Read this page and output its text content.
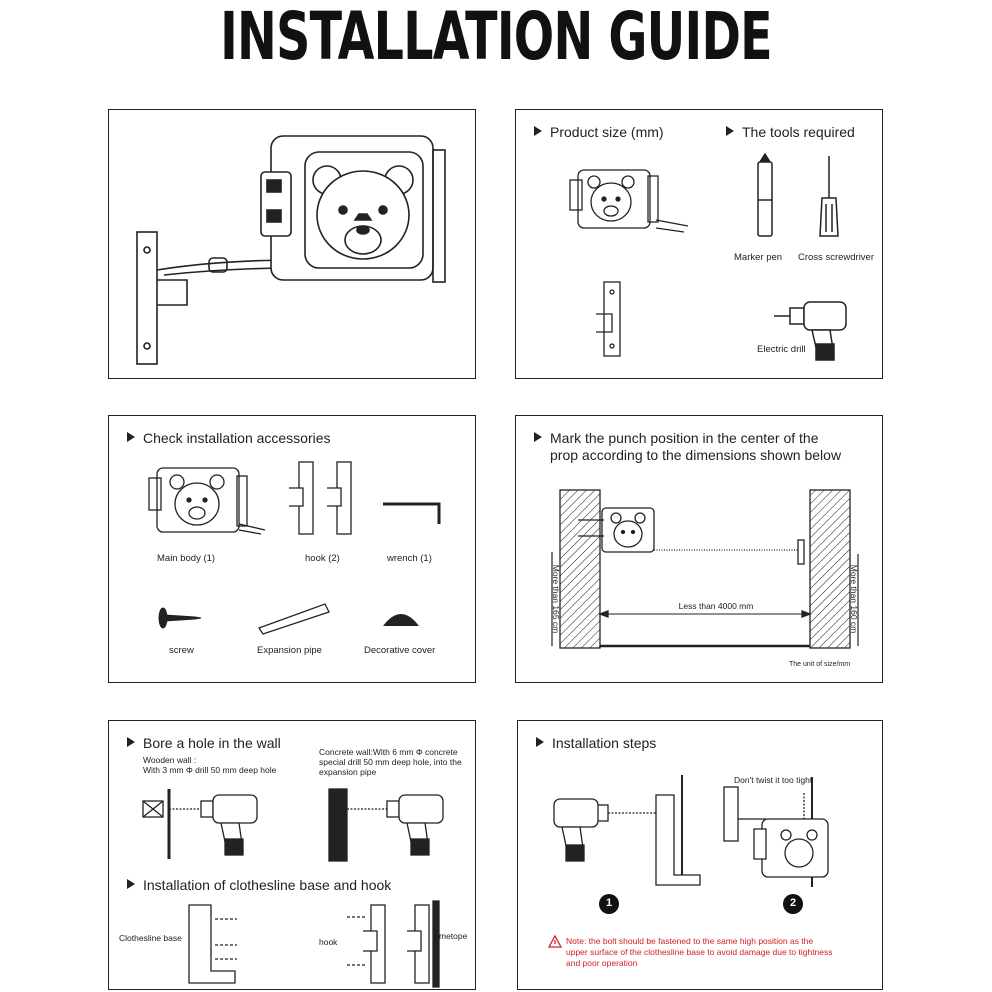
INSTALLATION GUIDE
Product size (mm)	The tools required
Marker pen Cross screwdriver
Electric drill
Check installation accessories
Main body (1)	hook (2)	wrench (1)
screw	Expansion pipe	Decorative cover
Mark the punch position in the center of the
prop according to the dimensions shown below
More than 165 cm	More than 160 cm
Less than 4000 mm
The unit of size/mm
Bore a hole in the wall
Wooden wall :
With 3 mm Φ drill 50 mm deep hole
Concrete wall:With 6 mm Φ concrete
special drill 50 mm deep hole, into the
expansion pipe
Installation of clothesline base and hook
Clothesline base	hook
metope
Installation steps
Don't twist it too tight
1	2
Note: the bolt should be fastened to the same high position as the
upper surface of the clothesline base to avoid damage due to tightness
and poor operation
